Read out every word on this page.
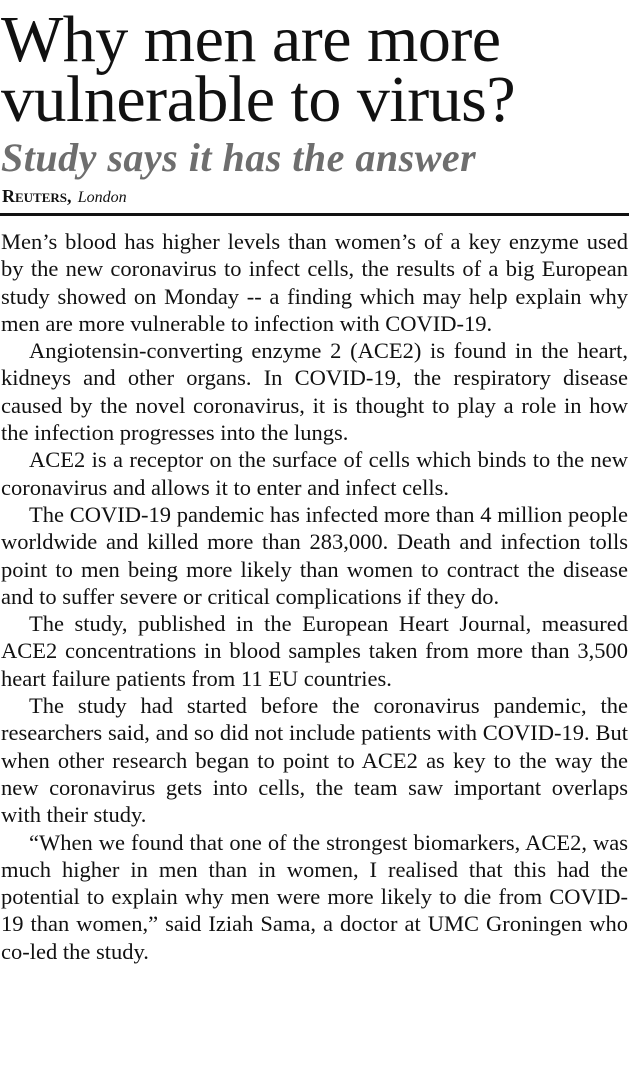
Why men are more vulnerable to virus?
Study says it has the answer
Reuters, London

Men’s blood has higher levels than women’s of a key enzyme used by the new coronavirus to infect cells, the results of a big European study showed on Monday -- a finding which may help explain why men are more vulnerable to infection with COVID-19.

Angiotensin-converting enzyme 2 (ACE2) is found in the heart, kidneys and other organs. In COVID-19, the respiratory disease caused by the novel coronavirus, it is thought to play a role in how the infection progresses into the lungs.

ACE2 is a receptor on the surface of cells which binds to the new coronavirus and allows it to enter and infect cells.

The COVID-19 pandemic has infected more than 4 million people worldwide and killed more than 283,000. Death and infection tolls point to men being more likely than women to contract the disease and to suffer severe or critical complications if they do.

The study, published in the European Heart Journal, measured ACE2 concentrations in blood samples taken from more than 3,500 heart failure patients from 11 EU countries.

The study had started before the coronavirus pandemic, the researchers said, and so did not include patients with COVID-19. But when other research began to point to ACE2 as key to the way the new coronavirus gets into cells, the team saw important overlaps with their study.

“When we found that one of the strongest biomarkers, ACE2, was much higher in men than in women, I realised that this had the potential to explain why men were more likely to die from COVID-19 than women,” said Iziah Sama, a doctor at UMC Groningen who co-led the study.
